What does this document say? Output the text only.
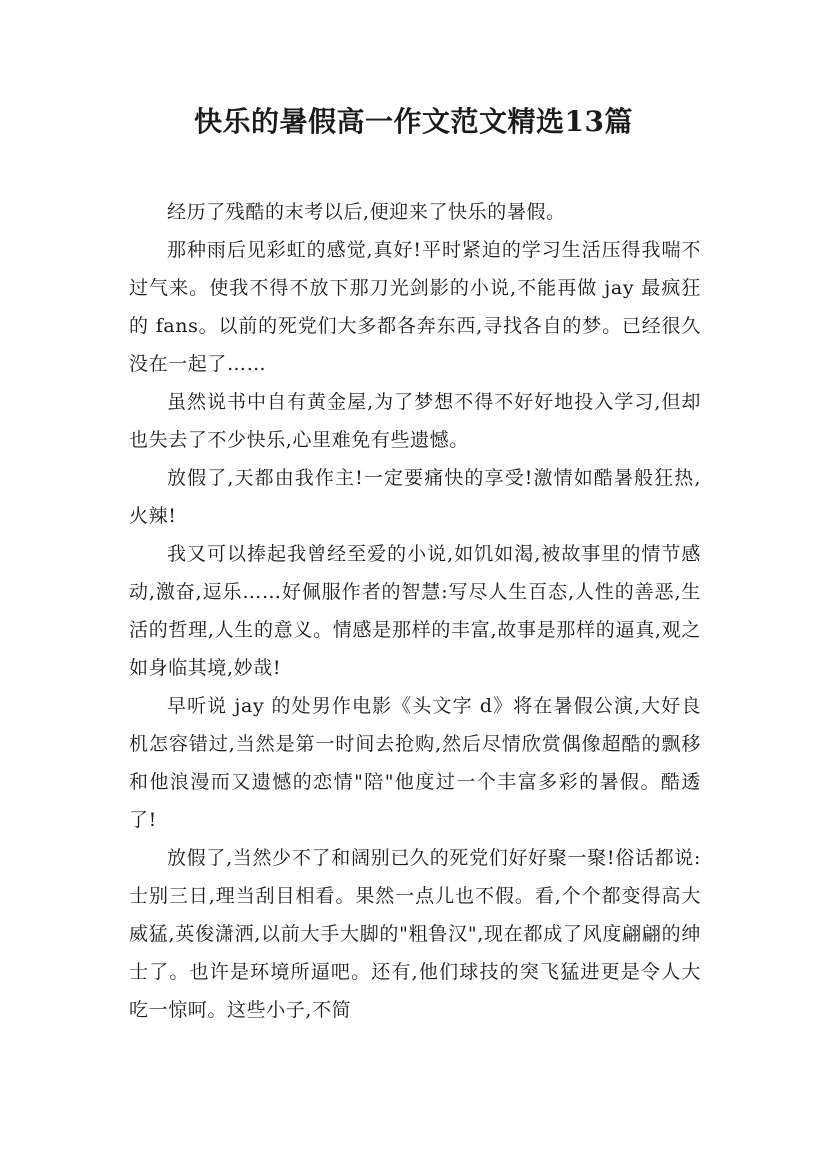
快乐的暑假高一作文范文精选13篇

经历了残酷的末考以后,便迎来了快乐的暑假。

那种雨后见彩虹的感觉,真好!平时紧迫的学习生活压得我喘不过气来。使我不得不放下那刀光剑影的小说,不能再做 jay 最疯狂的 fans。以前的死党们大多都各奔东西,寻找各自的梦。已经很久没在一起了……

虽然说书中自有黄金屋,为了梦想不得不好好地投入学习,但却也失去了不少快乐,心里难免有些遗憾。

放假了,天都由我作主!一定要痛快的享受!激情如酷暑般狂热,火辣!

我又可以捧起我曾经至爱的小说,如饥如渴,被故事里的情节感动,激奋,逗乐……好佩服作者的智慧:写尽人生百态,人性的善恶,生活的哲理,人生的意义。情感是那样的丰富,故事是那样的逼真,观之如身临其境,妙哉!

早听说 jay 的处男作电影《头文字 d》将在暑假公演,大好良机怎容错过,当然是第一时间去抢购,然后尽情欣赏偶像超酷的飘移和他浪漫而又遗憾的恋情"陪"他度过一个丰富多彩的暑假。酷透了!

放假了,当然少不了和阔别已久的死党们好好聚一聚!俗话都说:士别三日,理当刮目相看。果然一点儿也不假。看,个个都变得高大威猛,英俊潇洒,以前大手大脚的"粗鲁汉",现在都成了风度翩翩的绅士了。也许是环境所逼吧。还有,他们球技的突飞猛进更是令人大吃一惊呵。这些小子,不简
